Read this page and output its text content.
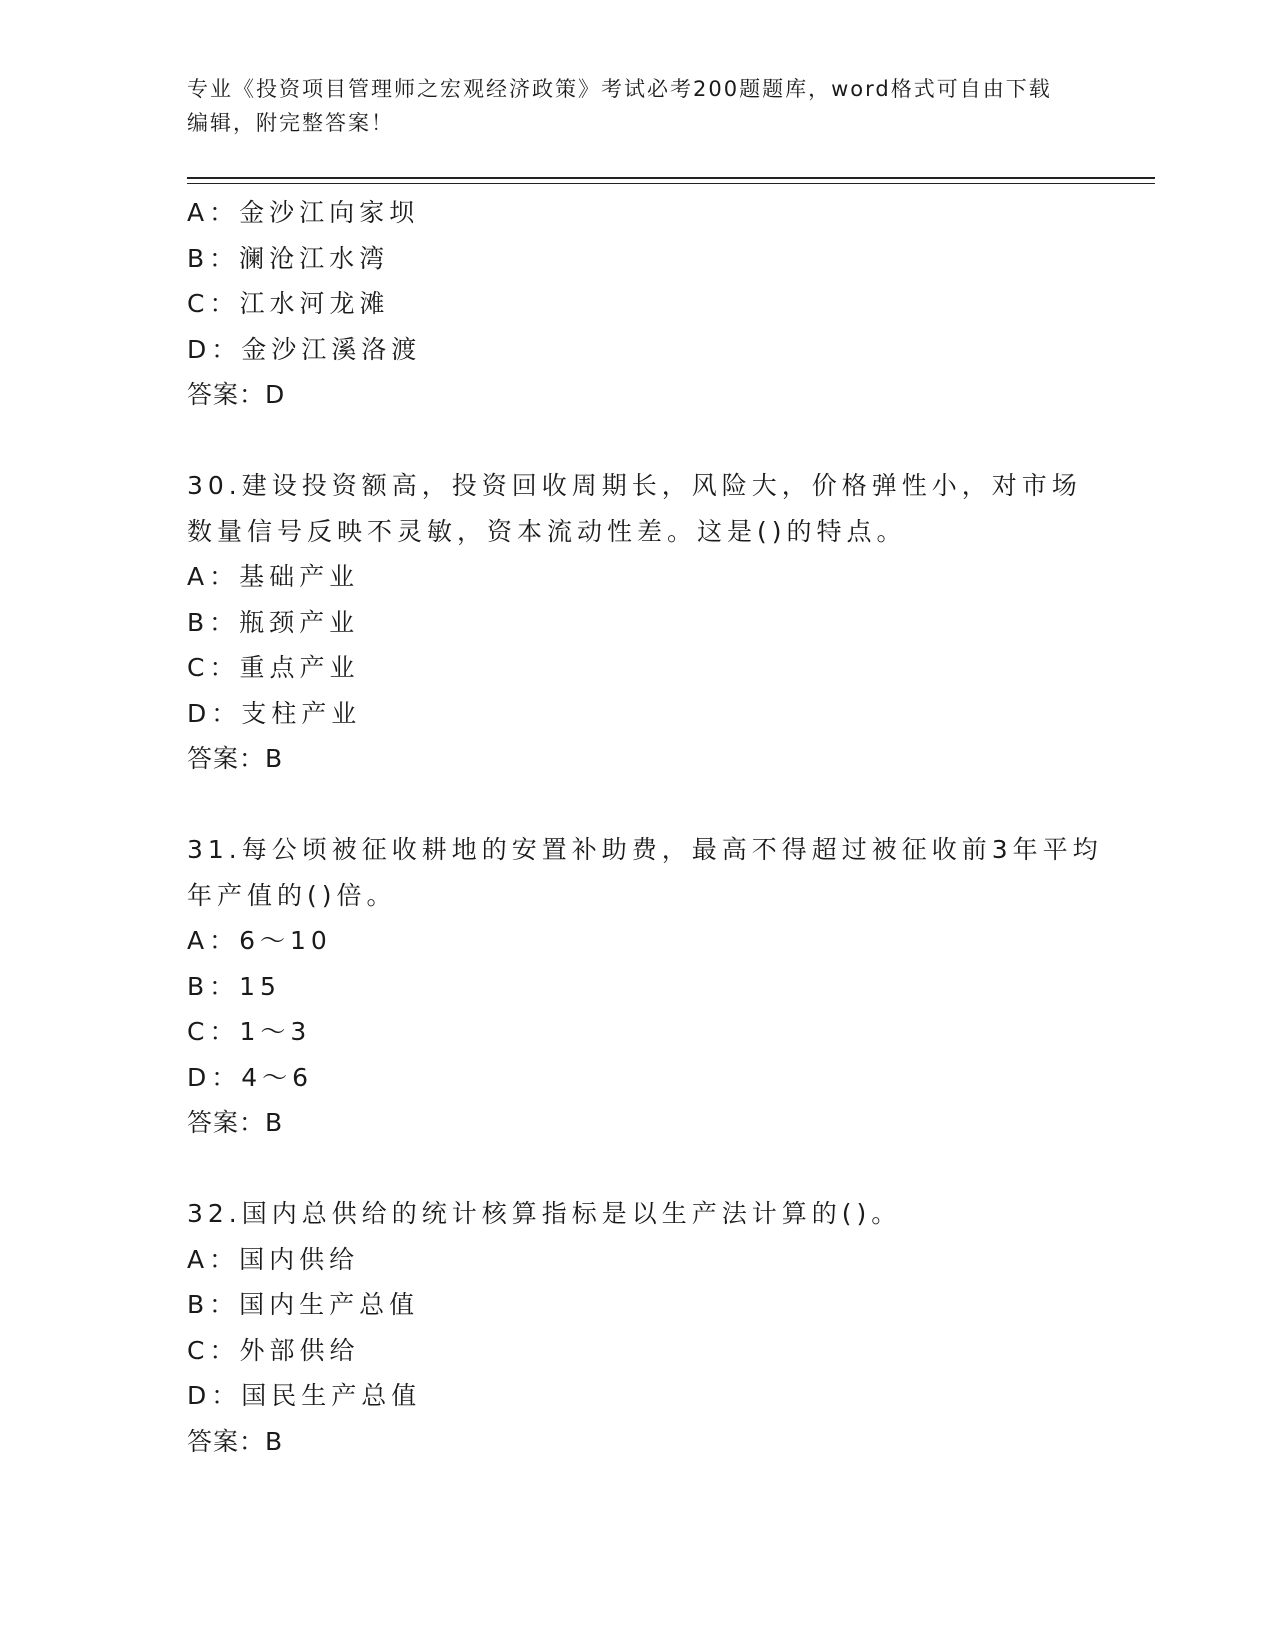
专业《投资项目管理师之宏观经济政策》考试必考200题题库，word格式可自由下载编辑，附完整答案！
A：金沙江向家坝
B：澜沧江水湾
C：江水河龙滩
D：金沙江溪洛渡
答案：D
30.建设投资额高，投资回收周期长，风险大，价格弹性小，对市场数量信号反映不灵敏，资本流动性差。这是()的特点。
A：基础产业
B：瓶颈产业
C：重点产业
D：支柱产业
答案：B
31.每公顷被征收耕地的安置补助费，最高不得超过被征收前3年平均年产值的()倍。
A：6～10
B：15
C：1～3
D：4～6
答案：B
32.国内总供给的统计核算指标是以生产法计算的()。
A：国内供给
B：国内生产总值
C：外部供给
D：国民生产总值
答案：B
